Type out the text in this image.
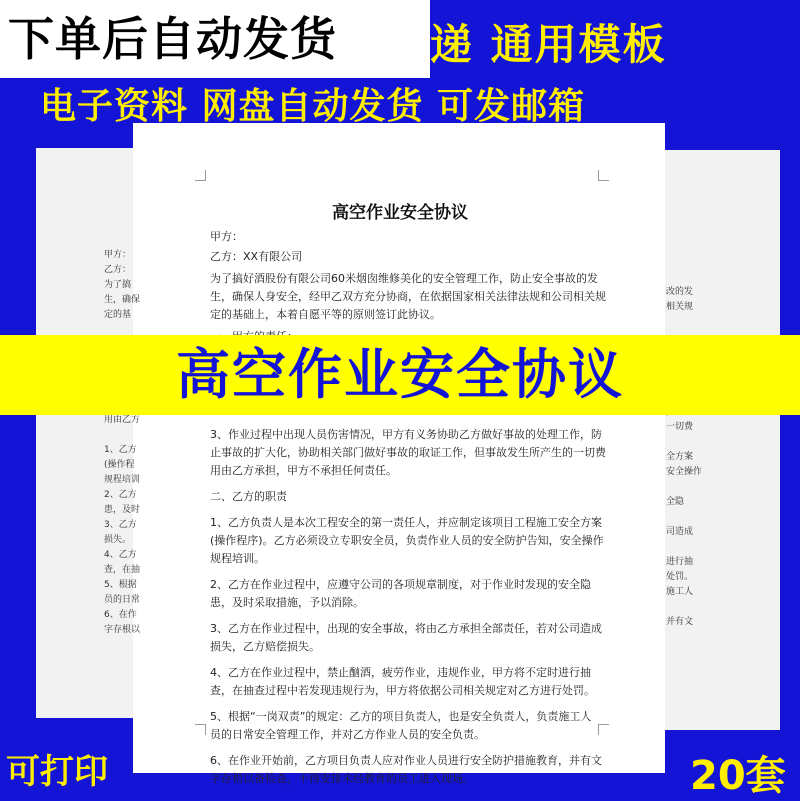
递 通用模板
电子资料 网盘自动发货 可发邮箱
下单后自动发货
高空作业安全协议
甲方：
乙方：XX有限公司
为了搞好酒股份有限公司60米烟囱维修美化的安全管理工作，防止安全事故的发
生，确保人身安全，经甲乙双方充分协商，在依据国家相关法律法规和公司相关规
定的基础上，本着自愿平等的原则签订此协议。
3、作业过程中出现人员伤害情况，甲方有义务协助乙方做好事故的处理工作，防
止事故的扩大化，协助相关部门做好事故的取证工作，但事故发生所产生的一切费
用由乙方承担，甲方不承担任何责任。
二、乙方的职责
1、乙方负责人是本次工程安全的第一责任人，并应制定该项目工程施工安全方案
(操作程序)。乙方必须设立专职安全员，负责作业人员的安全防护告知，安全操作
规程培训。
2、乙方在作业过程中，应遵守公司的各项规章制度，对于作业时发现的安全隐
患，及时采取措施，予以消除。
3、乙方在作业过程中，出现的安全事故，将由乙方承担全部责任，若对公司造成
损失，乙方赔偿损失。
4、乙方在作业过程中，禁止酗酒，疲劳作业，违规作业，甲方将不定时进行抽
查，在抽查过程中若发现违规行为，甲方将依据公司相关规定对乙方进行处罚。
5、根据“一岗双责”的规定：乙方的项目负责人，也是安全负责人，负责施工人
员的日常安全管理工作，并对乙方作业人员的安全负责。
6、在作业开始前，乙方项目负责人应对作业人员进行安全防护措施教育，并有文
字存根以备检查，不得安排未经教育的员工进入现场。
甲方：
乙方：
为了搞
生，确保
定的基

用由乙方

1、乙方
(操作程
规程培训
2、乙方
患，及时
3、乙方
损失。
4、乙方
查，在抽
5、根据
员的日常
6、在作
字存根以

改的发
相关规

一切费

全方案
安全操作

全隐

司造成

进行抽
处罚。
施工人

并有文

高空作业安全协议
可打印	20套
